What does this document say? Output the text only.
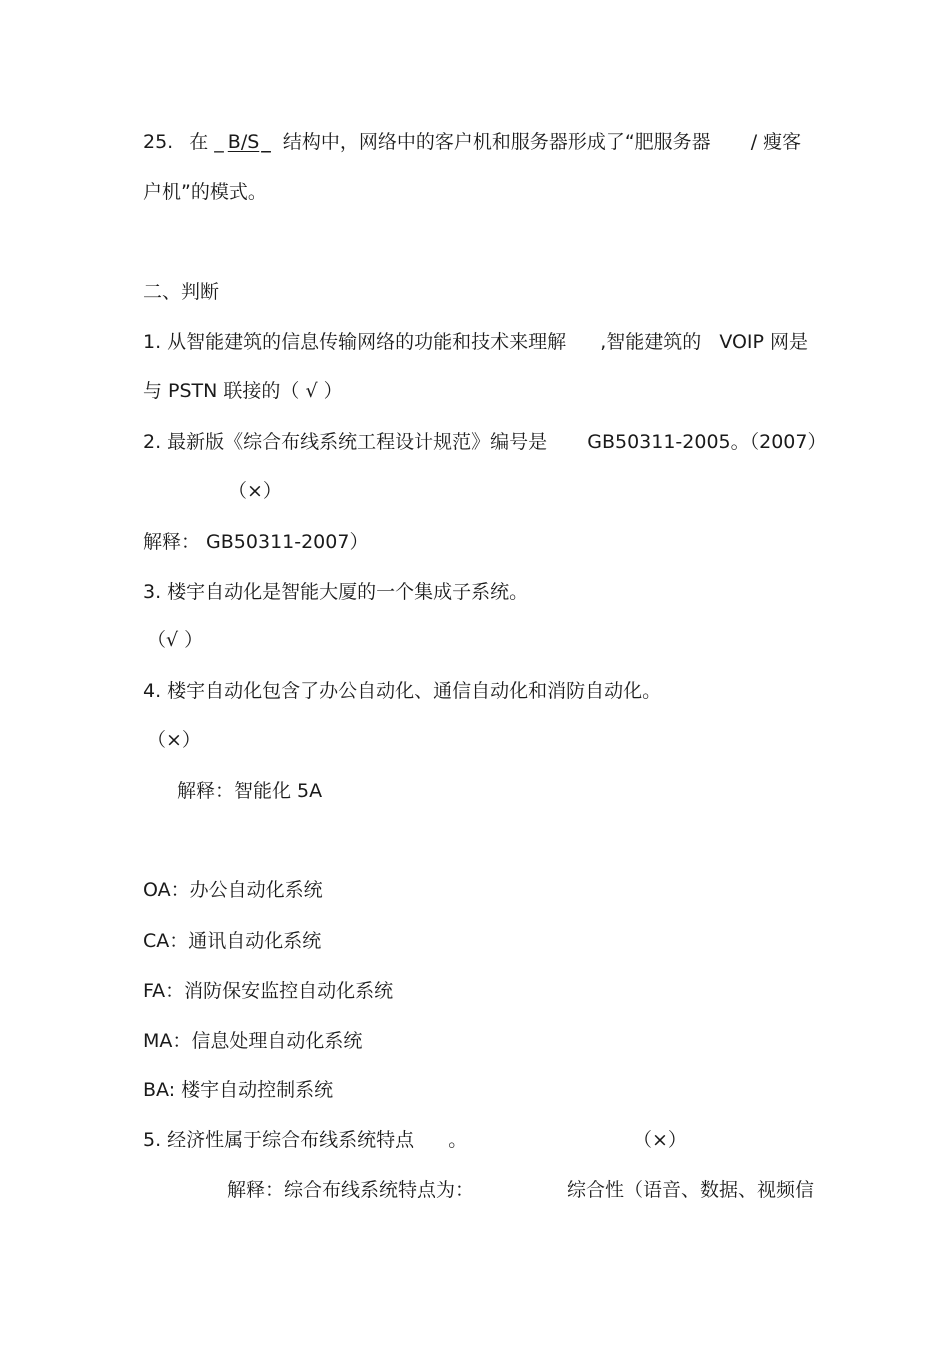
25. 在 _ B/S _ 结构中，网络中的客户机和服务器形成了“肥服务器 / 瘦客
户机”的模式。
二、判断
1. 从智能建筑的信息传输网络的功能和技术来理解 ,智能建筑的 VOIP 网是
与 PSTN 联接的（ √ ）
2. 最新版《综合布线系统工程设计规范》编号是 GB50311-2005。（2007）
（×）
解释： GB50311-2007）
3. 楼宇自动化是智能大厦的一个集成子系统。
（√ ）
4. 楼宇自动化包含了办公自动化、通信自动化和消防自动化。
（×）
解释：智能化 5A
OA：办公自动化系统
CA：通讯自动化系统
FA：消防保安监控自动化系统
MA：信息处理自动化系统
BA: 楼宇自动控制系统
5. 经济性属于综合布线系统特点 。	（×）
解释：综合布线系统特点为：	综合性（语音、数据、视频信
